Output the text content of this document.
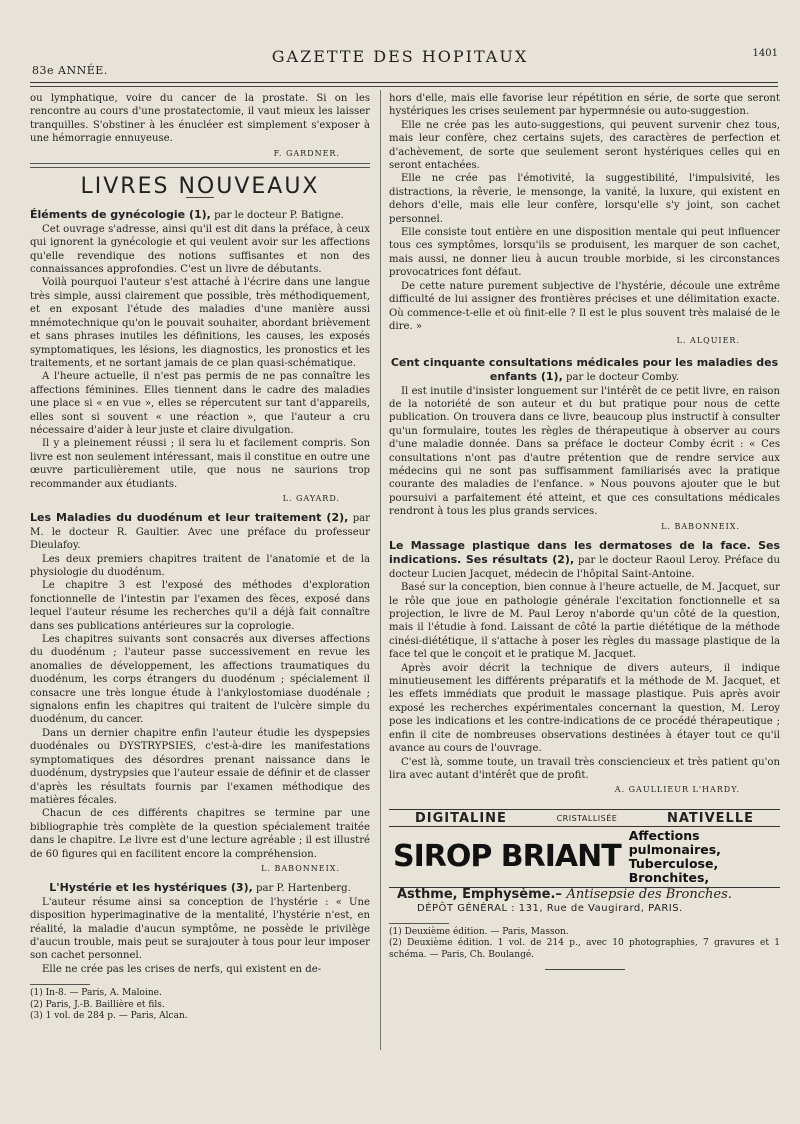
83e ANNÉE.
GAZETTE DES HOPITAUX	1401

ou lymphatique, voire du cancer de la prostate. Si on les rencontre au cours d'une prostatectomie, il vaut mieux les laisser tranquilles. S'obstiner à les énucléer est simplement s'exposer à une hémorragie ennuyeuse.

F. GARDNER.
LIVRES NOUVEAUX

Éléments de gynécologie (1), par le docteur P. Batigne.

Cet ouvrage s'adresse, ainsi qu'il est dit dans la préface, à ceux qui ignorent la gynécologie et qui veulent avoir sur les affections qu'elle revendique des notions suffisantes et non des connaissances approfondies. C'est un livre de débutants.

Voilà pourquoi l'auteur s'est attaché à l'écrire dans une langue très simple, aussi clairement que possible, très méthodiquement, et en exposant l'étude des maladies d'une manière aussi mnémotechnique qu'on le pouvait souhaiter, abordant brièvement et sans phrases inutiles les définitions, les causes, les exposés symptomatiques, les lésions, les diagnostics, les pronostics et les traitements, et ne sortant jamais de ce plan quasi-schématique.

A l'heure actuelle, il n'est pas permis de ne pas connaître les affections féminines. Elles tiennent dans le cadre des maladies une place si « en vue », elles se répercutent sur tant d'appareils, elles sont si souvent « une réaction », que l'auteur a cru nécessaire d'aider à leur juste et claire divulgation.

Il y a pleinement réussi ; il sera lu et facilement compris. Son livre est non seulement intéressant, mais il constitue en outre une œuvre particulièrement utile, que nous ne saurions trop recommander aux étudiants.

L. GAYARD.

Les Maladies du duodénum et leur traitement (2), par M. le docteur R. Gaultier. Avec une préface du professeur Dieulafoy.

Les deux premiers chapitres traitent de l'anatomie et de la physiologie du duodénum.

Le chapitre 3 est l'exposé des méthodes d'exploration fonctionnelle de l'intestin par l'examen des fèces, exposé dans lequel l'auteur résume les recherches qu'il a déjà fait connaître dans ses publications antérieures sur la coprologie.

Les chapitres suivants sont consacrés aux diverses affections du duodénum ; l'auteur passe successivement en revue les anomalies de développement, les affections traumatiques du duodénum, les corps étrangers du duodénum ; spécialement il consacre une très longue étude à l'ankylostomiase duodénale ; signalons enfin les chapitres qui traitent de l'ulcère simple du duodénum, du cancer.

Dans un dernier chapitre enfin l'auteur étudie les dyspepsies duodénales ou DYSTRYPSIES, c'est-à-dire les manifestations symptomatiques des désordres prenant naissance dans le duodénum, dystrypsies que l'auteur essaie de définir et de classer d'après les résultats fournis par l'examen méthodique des matières fécales.

Chacun de ces différents chapitres se termine par une bibliographie très complète de la question spécialement traitée dans le chapitre. Le livre est d'une lecture agréable ; il est illustré de 60 figures qui en facilitent encore la compréhension.

L. BABONNEIX.

L'Hystérie et les hystériques (3), par P. Hartenberg.

L'auteur résume ainsi sa conception de l'hystérie : « Une disposition hyperimaginative de la mentalité, l'hystérie n'est, en réalité, la maladie d'aucun symptôme, ne possède le privilège d'aucun trouble, mais peut se surajouter à tous pour leur imposer son cachet personnel.

Elle ne crée pas les crises de nerfs, qui existent en de-

(1) In-8. — Paris, A. Maloine.
(2) Paris, J.-B. Baillière et fils.
(3) 1 vol. de 284 p. — Paris, Alcan.

hors d'elle, mais elle favorise leur répétition en série, de sorte que seront hystériques les crises seulement par hypermnésie ou auto-suggestion.

Elle ne crée pas les auto-suggestions, qui peuvent survenir chez tous, mais leur confère, chez certains sujets, des caractères de perfection et d'achèvement, de sorte que seulement seront hystériques celles qui en seront entachées.

Elle ne crée pas l'émotivité, la suggestibilité, l'impulsivité, les distractions, la rêverie, le mensonge, la vanité, la luxure, qui existent en dehors d'elle, mais elle leur confère, lorsqu'elle s'y joint, son cachet personnel.

Elle consiste tout entière en une disposition mentale qui peut influencer tous ces symptômes, lorsqu'ils se produisent, les marquer de son cachet, mais aussi, ne donner lieu à aucun trouble morbide, si les circonstances provocatrices font défaut.

De cette nature purement subjective de l'hystérie, découle une extrême difficulté de lui assigner des frontières précises et une délimitation exacte. Où commence-t-elle et où finit-elle ? Il est le plus souvent très malaisé de le dire. »

L. ALQUIER.

Cent cinquante consultations médicales pour les maladies des enfants (1), par le docteur Comby.

Il est inutile d'insister longuement sur l'intérêt de ce petit livre, en raison de la notoriété de son auteur et du but pratique pour nous de cette publication. On trouvera dans ce livre, beaucoup plus instructif à consulter qu'un formulaire, toutes les règles de thérapeutique à observer au cours d'une maladie donnée. Dans sa préface le docteur Comby écrit : « Ces consultations n'ont pas d'autre prétention que de rendre service aux médecins qui ne sont pas suffisamment familiarisés avec la pratique courante des maladies de l'enfance. » Nous pouvons ajouter que le but poursuivi a parfaitement été atteint, et que ces consultations médicales rendront à tous les plus grands services.

L. BABONNEIX.

Le Massage plastique dans les dermatoses de la face. Ses indications. Ses résultats (2), par le docteur Raoul Leroy. Préface du docteur Lucien Jacquet, médecin de l'hôpital Saint-Antoine.

Basé sur la conception, bien connue à l'heure actuelle, de M. Jacquet, sur le rôle que joue en pathologie générale l'excitation fonctionnelle et sa projection, le livre de M. Paul Leroy n'aborde qu'un côté de la question, mais il l'étudie à fond. Laissant de côté la partie diététique de la méthode cinési-diététique, il s'attache à poser les règles du massage plastique de la face tel que le conçoit et le pratique M. Jacquet.

Après avoir décrit la technique de divers auteurs, il indique minutieusement les différents préparatifs et la méthode de M. Jacquet, et les effets immédiats que produit le massage plastique. Puis après avoir exposé les recherches expérimentales concernant la question, M. Leroy pose les indications et les contre-indications de ce procédé thérapeutique ; enfin il cite de nombreuses observations destinées à étayer tout ce qu'il avance au cours de l'ouvrage.

C'est là, somme toute, un travail très consciencieux et très patient qu'on lira avec autant d'intérêt que de profit.

A. GAULLIEUR L'HARDY.
DIGITALINE	CRISTALLISÉE	NATIVELLE
SIROP BRIANT
Affections pulmonaires,
Tuberculose, Bronchites,
Asthme, Emphysème.– Antisepsie des Bronches.
DÉPÔT GÉNÉRAL : 131, Rue de Vaugirard, PARIS.
(1) Deuxième édition. — Paris, Masson.
(2) Deuxième édition. 1 vol. de 214 p., avec 10 photographies, 7 gravures et 1 schéma. — Paris, Ch. Boulangé.
